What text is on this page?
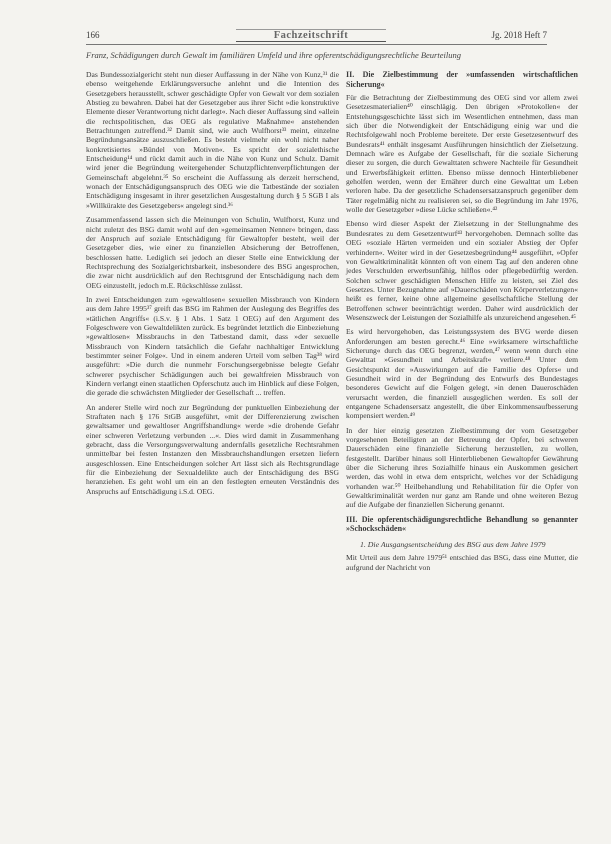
166	Fachzeitschrift	Jg. 2018 Heft 7
Franz, Schädigungen durch Gewalt im familiären Umfeld und ihre opferentschädigungsrechtliche Beurteilung

Das Bundessozialgericht steht nun dieser Auffassung in der Nähe von Kunz,³¹ die ebenso weitgehende Erklärungsversuche anlehnt und die Intention des Gesetzgebers herausstellt, schwer geschädigte Opfer von Gewalt vor dem sozialen Abstieg zu bewahren. Dabei hat der Gesetzgeber aus ihrer Sicht »die konstruktive Elemente dieser Verantwortung nicht darlegt«. Nach dieser Auffassung sind »allein die rechtspolitischen, das OEG als regulative Maßnahme« anstehenden Betrachtungen zutreffend.³² Damit sind, wie auch Wulfhorst³³ meint, einzelne Begründungsansätze auszuschließen. Es besteht vielmehr ein wohl nicht naher konkretisiertes »Bündel von Motiven«. Es spricht der sozialethische Entscheidung¹⁴ und rückt damit auch in die Nähe von Kunz und Schulz. Damit wird jener die Begründung weitergehender Schutzpflichtenverpflichtungen der Gemeinschaft abgelehnt.³⁵ So erscheint die Auffassung als derzeit herrschend, wonach der Entschädigungsanspruch des OEG wie die Tatbestände der sozialen Entschädigung insgesamt in ihrer gesetzlichen Ausgestaltung durch § 5 SGB I als »Willkürakte des Gesetzgebers« angelegt sind.³⁶

Zusammenfassend lassen sich die Meinungen von Schulin, Wulfhorst, Kunz und nicht zuletzt des BSG damit wohl auf den »gemeinsamen Nenner« bringen, dass der Anspruch auf soziale Entschädigung für Gewaltopfer besteht, weil der Gesetzgeber dies, wie einer zu finanziellen Absicherung der Betroffenen, beschlossen hatte. Lediglich sei jedoch an dieser Stelle eine Entwicklung der Rechtsprechung des Sozialgerichtsbarkeit, insbesondere des BSG angesprochen, die zwar nicht ausdrücklich auf den Rechtsgrund der Entschädigung nach dem OEG einzustellt, jedoch m.E. Rückschlüsse zulässt.

In zwei Entscheidungen zum »gewaltlosen« sexuellen Missbrauch von Kindern aus dem Jahre 1995³⁷ greift das BSG im Rahmen der Auslegung des Begriffes des »tätlichen Angriffs« (i.S.v. § 1 Abs. 1 Satz 1 OEG) auf den Argument des Folgeschwere von Gewaltdelikten zurück. Es begründet letztlich die Einbeziehung »gewaltlosen« Missbrauchs in den Tatbestand damit, dass »der sexuelle Missbrauch von Kindern tatsächlich die Gefahr nachhaltiger Entwicklung bestimmter seiner Folge«. Und in einem anderen Urteil vom selben Tag³⁸ wird ausgeführt: »Die durch die nunmehr Forschungsergebnisse belegte Gefahr schwerer psychischer Schädigungen auch bei gewaltfreien Missbrauch von Kindern verlangt einen staatlichen Opferschutz auch im Hinblick auf diese Folgen, die gerade die schwächsten Mitglieder der Gesellschaft ... treffen.

An anderer Stelle wird noch zur Begründung der punktuellen Einbeziehung der Straftaten nach § 176 StGB ausgeführt, »mit der Differenzierung zwischen gewaltsamer und gewaltloser Angriffshandlung« werde »die drohende Gefahr einer schweren Verletzung verbunden ...«. Dies wird damit in Zusammenhang gebracht, dass die Versorgungsverwaltung andernfalls gesetzliche Rechtsrahmen unmittelbar bei festen Instanzen den Missbrauchshandlungen ersetzen liefern ausgeschlossen. Eine Entscheidungen solcher Art lässt sich als Rechtsgrundlage für die Einbeziehung der Sexualdelikte auch der Entschädigung des BSG heranziehen. Es geht wohl um ein an den festlegten erneuten Verständnis des Anspruchs auf Entschädigung i.S.d. OEG.

II. Die Zielbestimmung der »umfassenden wirtschaftlichen Sicherung«

Für die Betrachtung der Zielbestimmung des OEG sind vor allem zwei Gesetzesmaterialien⁴⁰ einschlägig. Den übrigen »Protokollen« der Entstehungsgeschichte lässt sich im Wesentlichen entnehmen, dass man sich über die Notwendigkeit der Entschädigung einig war und die Rechtsfolgewahl noch Probleme bereitete. Der erste Gesetzesentwurf des Bundesrats⁴¹ enthält insgesamt Ausführungen hinsichtlich der Zielsetzung. Demnach wäre es Aufgabe der Gesellschaft, für die soziale Sicherung dieser zu sorgen, die durch Gewalttaten schwere Nachteile für Gesundheit und Erwerbsfähigkeit erlitten. Ebenso müsse dennoch Hinterbliebener geholfen werden, wenn der Ernährer durch eine Gewalttat um Leben verloren habe. Da der gesetzliche Schadensersatzanspruch gegenüber dem Täter regelmäßig nicht zu realisieren sei, so die Begründung im Jahr 1976, wolle der Gesetzgeber »diese Lücke schließen«.⁴²

Ebenso wird dieser Aspekt der Zielsetzung in der Stellungnahme des Bundesrates zu dem Gesetzentwurf⁴³ hervorgehoben. Demnach sollte das OEG »soziale Härten vermeiden und ein sozialer Abstieg der Opfer verhindern«. Weiter wird in der Gesetzesbegründung⁴⁴ ausgeführt, »Opfer von Gewaltkriminalität könnten oft von einem Tag auf den anderen ohne jedes Verschulden erwerbsunfähig, hilflos oder pflegebedürftig werden. Solchen schwer geschädigten Menschen Hilfe zu leisten, sei Ziel des Gesetzes. Unter Bezugnahme auf »Dauerschäden von Körperverletzungen« heißt es ferner, keine ohne allgemeine gesellschaftliche Stellung der Betroffenen schwer beeinträchtigt werden. Daher wird ausdrücklich der Wesenszweck der Leistungen der Sozialhilfe als unzureichend angesehen.⁴⁵

Es wird hervorgehoben, das Leistungssystem des BVG werde diesen Anforderungen am besten gerecht.⁴⁶ Eine »wirksamere wirtschaftliche Sicherung« durch das OEG begrenzt, werden,⁴⁷ wenn wenn durch eine Gewalttat »Gesundheit und Arbeitskraft« verliere.⁴⁸ Unter dem Gesichtspunkt der »Auswirkungen auf die Familie des Opfers« und Gesundheit wird in der Begründung des Entwurfs des Bundestages besonderes Gewicht auf die Folgen gelegt, »in denen Daueroschäden verursacht werden, die finanziell ausgeglichen werden. Es soll der entgangene Schadensersatz angestellt, die über Einkommensaufbesserung kompensiert werden.⁴⁹

In der hier einzig gesetzten Zielbestimmung der vom Gesetzgeber vorgesehenen Beteiligten an der Betreuung der Opfer, bei schweren Dauerschäden eine finanzielle Sicherung herzustellen, zu wollen, festgestellt. Darüber hinaus soll Hinterbliebenen Gewaltopfer Gewährung über die Sicherung ihres Sozialhilfe hinaus ein Auskommen gesichert werden, das wohl in etwa dem entspricht, welches vor der Schädigung vorhanden war.⁵⁰ Heilbehandlung und Rehabilitation für die Opfer von Gewaltkriminalität werden nur ganz am Rande und ohne weiteren Bezug auf die Aufgabe der finanziellen Sicherung genannt.

III. Die opferentschädigungsrechtliche Behandlung so genannter »Schockschäden«
1. Die Ausgangsentscheidung des BSG aus dem Jahre 1979

Mit Urteil aus dem Jahre 1979⁵¹ entschied das BSG, dass eine Mutter, die aufgrund der Nachricht von
